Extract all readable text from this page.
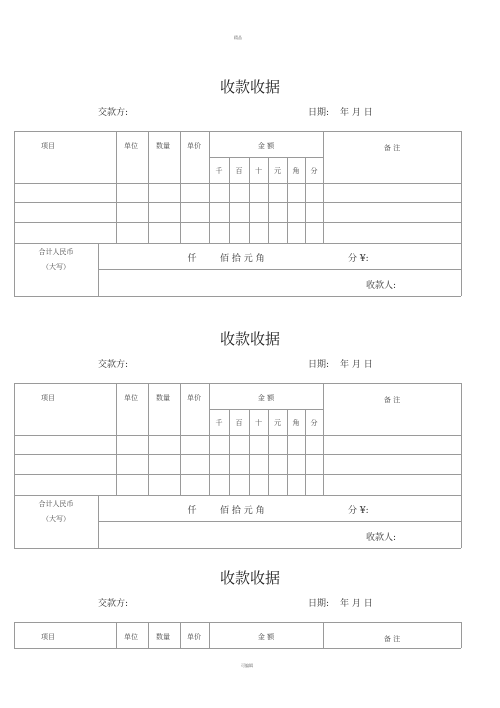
精品
收款收据
交款方:	日期: 年 月 日
项目	单位	数量	单价	金 额	备 注
千	百	十	元	角	分
合计人民币
（大写）
仟	佰 拾 元 角	分 ¥:
收款人:
收款收据
交款方:	日期: 年 月 日
项目	单位	数量	单价	金 额	备 注
千	百	十	元	角	分
合计人民币
（大写）
仟	佰 拾 元 角	分 ¥:
收款人:
收款收据
交款方:	日期: 年 月 日
项目	单位	数量	单价	金 额	备 注
可编辑
